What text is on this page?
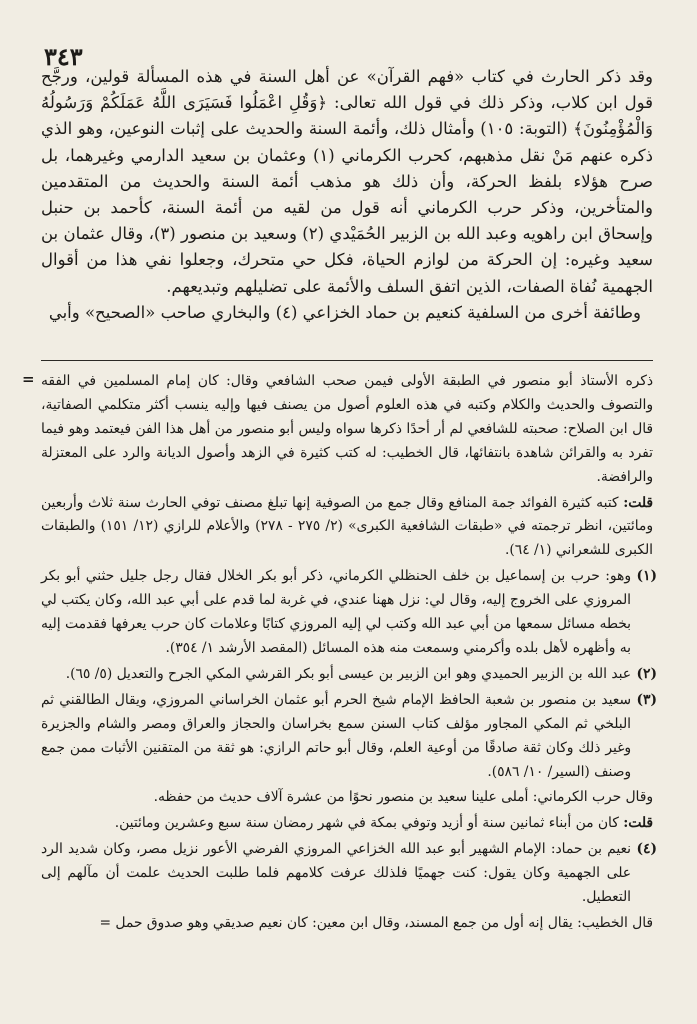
٣٤٣

وقد ذكر الحارث في كتاب «فهم القرآن» عن أهل السنة في هذه المسألة قولين، ورجَّح قول ابن كلاب، وذكر ذلك في قول الله تعالى: ﴿وَقُلِ اعْمَلُوا فَسَيَرَى اللَّهُ عَمَلَكُمْ وَرَسُولُهُ وَالْمُؤْمِنُونَ﴾ (التوبة: ١٠٥) وأمثال ذلك، وأئمة السنة والحديث على إثبات النوعين، وهو الذي ذكره عنهم مَنْ نقل مذهبهم، كحرب الكرماني (١) وعثمان بن سعيد الدارمي وغيرهما، بل صرح هؤلاء بلفظ الحركة، وأن ذلك هو مذهب أئمة السنة والحديث من المتقدمين والمتأخرين، وذكر حرب الكرماني أنه قول من لقيه من أئمة السنة، كأحمد بن حنبل وإسحاق ابن راهويه وعبد الله بن الزبير الحُمَيْدي (٢) وسعيد بن منصور (٣)، وقال عثمان بن سعيد وغيره: إن الحركة من لوازم الحياة، فكل حي متحرك، وجعلوا نفي هذا من أقوال الجهمية نُفاة الصفات، الذين اتفق السلف والأئمة على تضليلهم وتبديعهم.

وطائفة أخرى من السلفية كنعيم بن حماد الخزاعي (٤) والبخاري صاحب «الصحيح» وأبي

= ذكره الأستاذ أبو منصور في الطبقة الأولى فيمن صحب الشافعي وقال: كان إمام المسلمين في الفقه والتصوف والحديث والكلام وكتبه في هذه العلوم أصول من يصنف فيها وإليه ينسب أكثر متكلمي الصفاتية، قال ابن الصلاح: صحبته للشافعي لم أر أحدًا ذكرها سواه وليس أبو منصور من أهل هذا الفن فيعتمد وهو فيما تفرد به والقرائن شاهدة بانتفائها، قال الخطيب: له كتب كثيرة في الزهد وأصول الديانة والرد على المعتزلة والرافضة.
قلت: كتبه كثيرة الفوائد جمة المنافع وقال جمع من الصوفية إنها تبلغ مصنف توفي الحارث سنة ثلاث وأربعين ومائتين، انظر ترجمته في «طبقات الشافعية الكبرى» (٢/ ٢٧٥ - ٢٧٨) والأعلام للرازي (١٢/ ١٥١) والطبقات الكبرى للشعراني (١/ ٦٤).
(١)
وهو: حرب بن إسماعيل بن خلف الحنظلي الكرماني، ذكر أبو بكر الخلال فقال رجل جليل حثني أبو بكر المروزي على الخروج إليه، وقال لي: نزل ههنا عندي، في غربة لما قدم على أبي عبد الله، وكان يكتب لي بخطه مسائل سمعها من أبي عبد الله وكتب لي إليه المروزي كتابًا وعلامات كان حرب يعرفها فقدمت إليه به وأظهره لأهل بلده وأكرمني وسمعت منه هذه المسائل (المقصد الأرشد ١/ ٣٥٤).
(٢)
عبد الله بن الزبير الحميدي وهو ابن الزبير بن عيسى أبو بكر القرشي المكي الجرح والتعديل (٥/ ٦٥).
(٣)
سعيد بن منصور بن شعبة الحافظ الإمام شيخ الحرم أبو عثمان الخراساني المروزي، ويقال الطالقني ثم البلخي ثم المكي المجاور مؤلف كتاب السنن سمع بخراسان والحجاز والعراق ومصر والشام والجزيرة وغير ذلك وكان ثقة صادقًا من أوعية العلم، وقال أبو حاتم الرازي: هو ثقة من المتقنين الأثبات ممن جمع وصنف (السير/ ١٠/ ٥٨٦).
وقال حرب الكرماني: أملى علينا سعيد بن منصور نحوًا من عشرة آلاف حديث من حفظه.
قلت: كان من أبناء ثمانين سنة أو أزيد وتوفي بمكة في شهر رمضان سنة سبع وعشرين ومائتين.
(٤)
نعيم بن حماد: الإمام الشهير أبو عبد الله الخزاعي المروزي الفرضي الأعور نزيل مصر، وكان شديد الرد على الجهمية وكان يقول: كنت جهميًا فلذلك عرفت كلامهم فلما طلبت الحديث علمت أن مآلهم إلى التعطيل.
قال الخطيب: يقال إنه أول من جمع المسند، وقال ابن معين: كان نعيم صديقي وهو صدوق حمل =
